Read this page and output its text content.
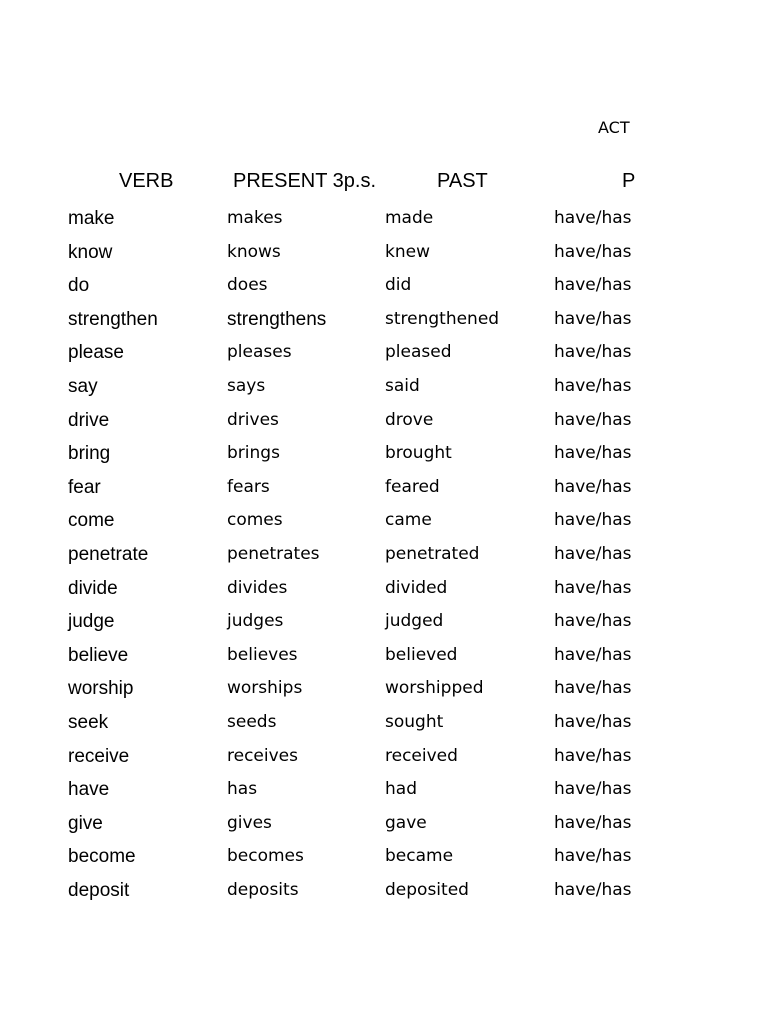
ACT
VERB	PRESENT 3p.s.	PAST	P
make	makes	made	have/has
know	knows	knew	have/has
do	does	did	have/has
strengthen	strengthens	strengthened	have/has
please	pleases	pleased	have/has
say	says	said	have/has
drive	drives	drove	have/has
bring	brings	brought	have/has
fear	fears	feared	have/has
come	comes	came	have/has
penetrate	penetrates	penetrated	have/has
divide	divides	divided	have/has
judge	judges	judged	have/has
believe	believes	believed	have/has
worship	worships	worshipped	have/has
seek	seeds	sought	have/has
receive	receives	received	have/has
have	has	had	have/has
give	gives	gave	have/has
become	becomes	became	have/has
deposit	deposits	deposited	have/has
